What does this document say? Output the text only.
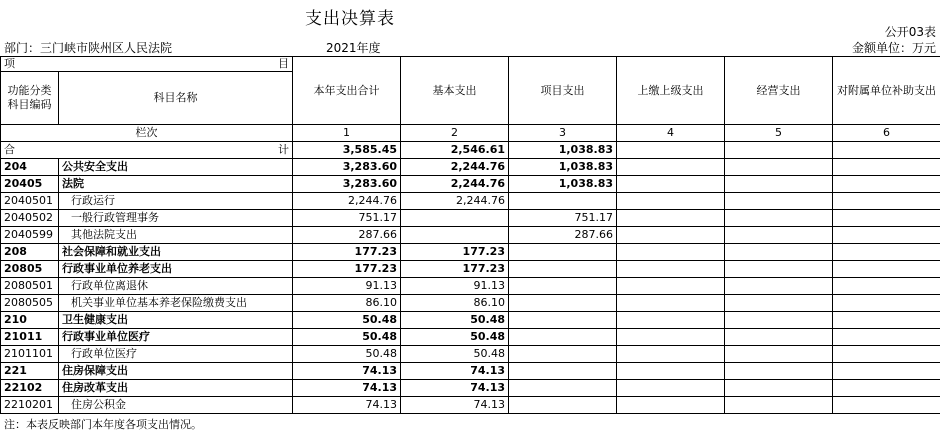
支出决算表
公开03表
部门：三门峡市陕州区人民法院	2021年度	金额单位：万元
项 目		本年支出合计	基本支出	项目支出	上缴上级支出	经营支出	对附属单位补助支出
功能分类
科目编码	科目名称						
栏次		1	2	3	4	5	6
合 计		3,585.45	2,546.61	1,038.83			
204	公共安全支出	3,283.60	2,244.76	1,038.83			
20405	法院	3,283.60	2,244.76	1,038.83			
2040501	行政运行	2,244.76	2,244.76				
2040502	一般行政管理事务	751.17		751.17			
2040599	其他法院支出	287.66		287.66			
208	社会保障和就业支出	177.23	177.23				
20805	行政事业单位养老支出	177.23	177.23				
2080501	行政单位离退休	91.13	91.13				
2080505	机关事业单位基本养老保险缴费支出	86.10	86.10				
210	卫生健康支出	50.48	50.48				
21011	行政事业单位医疗	50.48	50.48				
2101101	行政单位医疗	50.48	50.48				
221	住房保障支出	74.13	74.13				
22102	住房改革支出	74.13	74.13				
2210201	住房公积金	74.13	74.13				
注：本表反映部门本年度各项支出情况。
